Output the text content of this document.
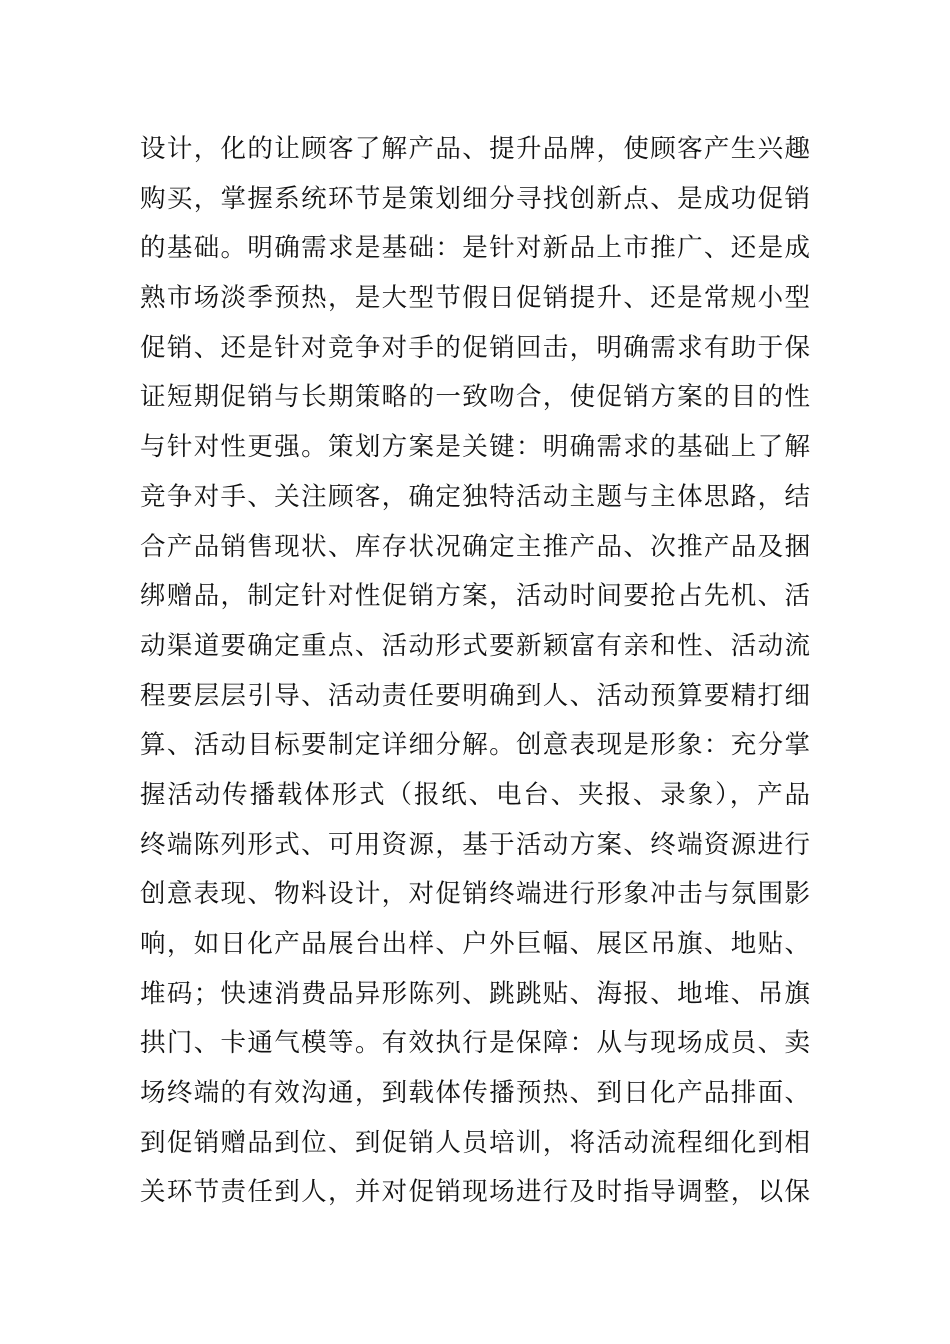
设计，化的让顾客了解产品、提升品牌，使顾客产生兴趣
购买，掌握系统环节是策划细分寻找创新点、是成功促销
的基础。明确需求是基础：是针对新品上市推广、还是成
熟市场淡季预热，是大型节假日促销提升、还是常规小型
促销、还是针对竞争对手的促销回击，明确需求有助于保
证短期促销与长期策略的一致吻合，使促销方案的目的性
与针对性更强。策划方案是关键：明确需求的基础上了解
竞争对手、关注顾客，确定独特活动主题与主体思路，结
合产品销售现状、库存状况确定主推产品、次推产品及捆
绑赠品，制定针对性促销方案，活动时间要抢占先机、活
动渠道要确定重点、活动形式要新颖富有亲和性、活动流
程要层层引导、活动责任要明确到人、活动预算要精打细
算、活动目标要制定详细分解。创意表现是形象：充分掌
握活动传播载体形式（报纸、电台、夹报、录象），产品
终端陈列形式、可用资源，基于活动方案、终端资源进行
创意表现、物料设计，对促销终端进行形象冲击与氛围影
响，如日化产品展台出样、户外巨幅、展区吊旗、地贴、
堆码；快速消费品异形陈列、跳跳贴、海报、地堆、吊旗
拱门、卡通气模等。有效执行是保障：从与现场成员、卖
场终端的有效沟通，到载体传播预热、到日化产品排面、
到促销赠品到位、到促销人员培训，将活动流程细化到相
关环节责任到人，并对促销现场进行及时指导调整，以保
